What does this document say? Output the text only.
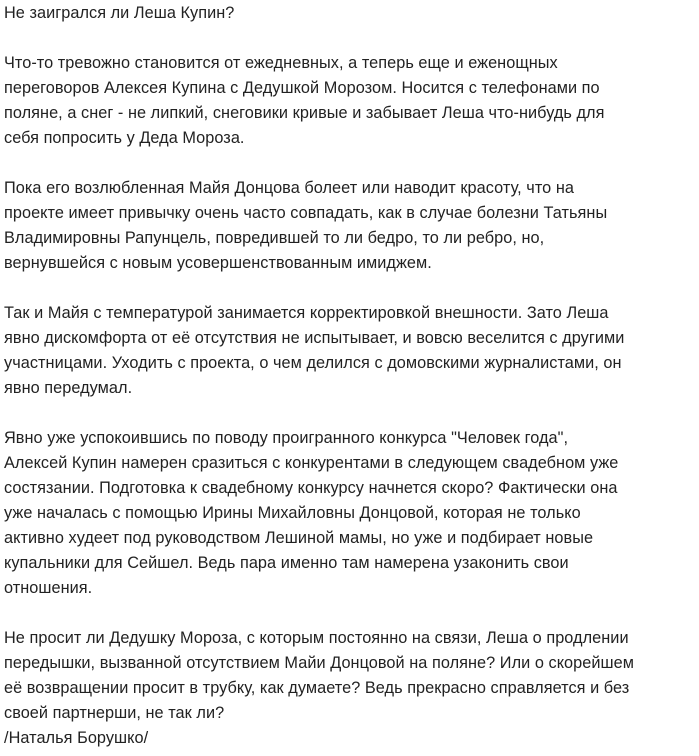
Не заигрался ли Леша Купин?
Что-то тревожно становится от ежедневных, а теперь еще и еженощных
переговоров Алексея Купина с Дедушкой Морозом. Носится с телефонами по
поляне, а снег - не липкий, снеговики кривые и забывает Леша что-нибудь для
себя попросить у Деда Мороза.
Пока его возлюбленная Майя Донцова болеет или наводит красоту, что на
проекте имеет привычку очень часто совпадать, как в случае болезни Татьяны
Владимировны Рапунцель, повредившей то ли бедро, то ли ребро, но,
вернувшейся с новым усовершенствованным имиджем.
Так и Майя с температурой занимается корректировкой внешности. Зато Леша
явно дискомфорта от её отсутствия не испытывает, и вовсю веселится с другими
участницами. Уходить с проекта, о чем делился с домовскими журналистами, он
явно передумал.
Явно уже успокоившись по поводу проигранного конкурса "Человек года",
Алексей Купин намерен сразиться с конкурентами в следующем свадебном уже
состязании. Подготовка к свадебному конкурсу начнется скоро? Фактически она
уже началась с помощью Ирины Михайловны Донцовой, которая не только
активно худеет под руководством Лешиной мамы, но уже и подбирает новые
купальники для Сейшел. Ведь пара именно там намерена узаконить свои
отношения.
Не просит ли Дедушку Мороза, с которым постоянно на связи, Леша о продлении
передышки, вызванной отсутствием Майи Донцовой на поляне? Или о скорейшем
её возвращении просит в трубку, как думаете? Ведь прекрасно справляется и без
своей партнерши, не так ли?
/Наталья Борушко/
